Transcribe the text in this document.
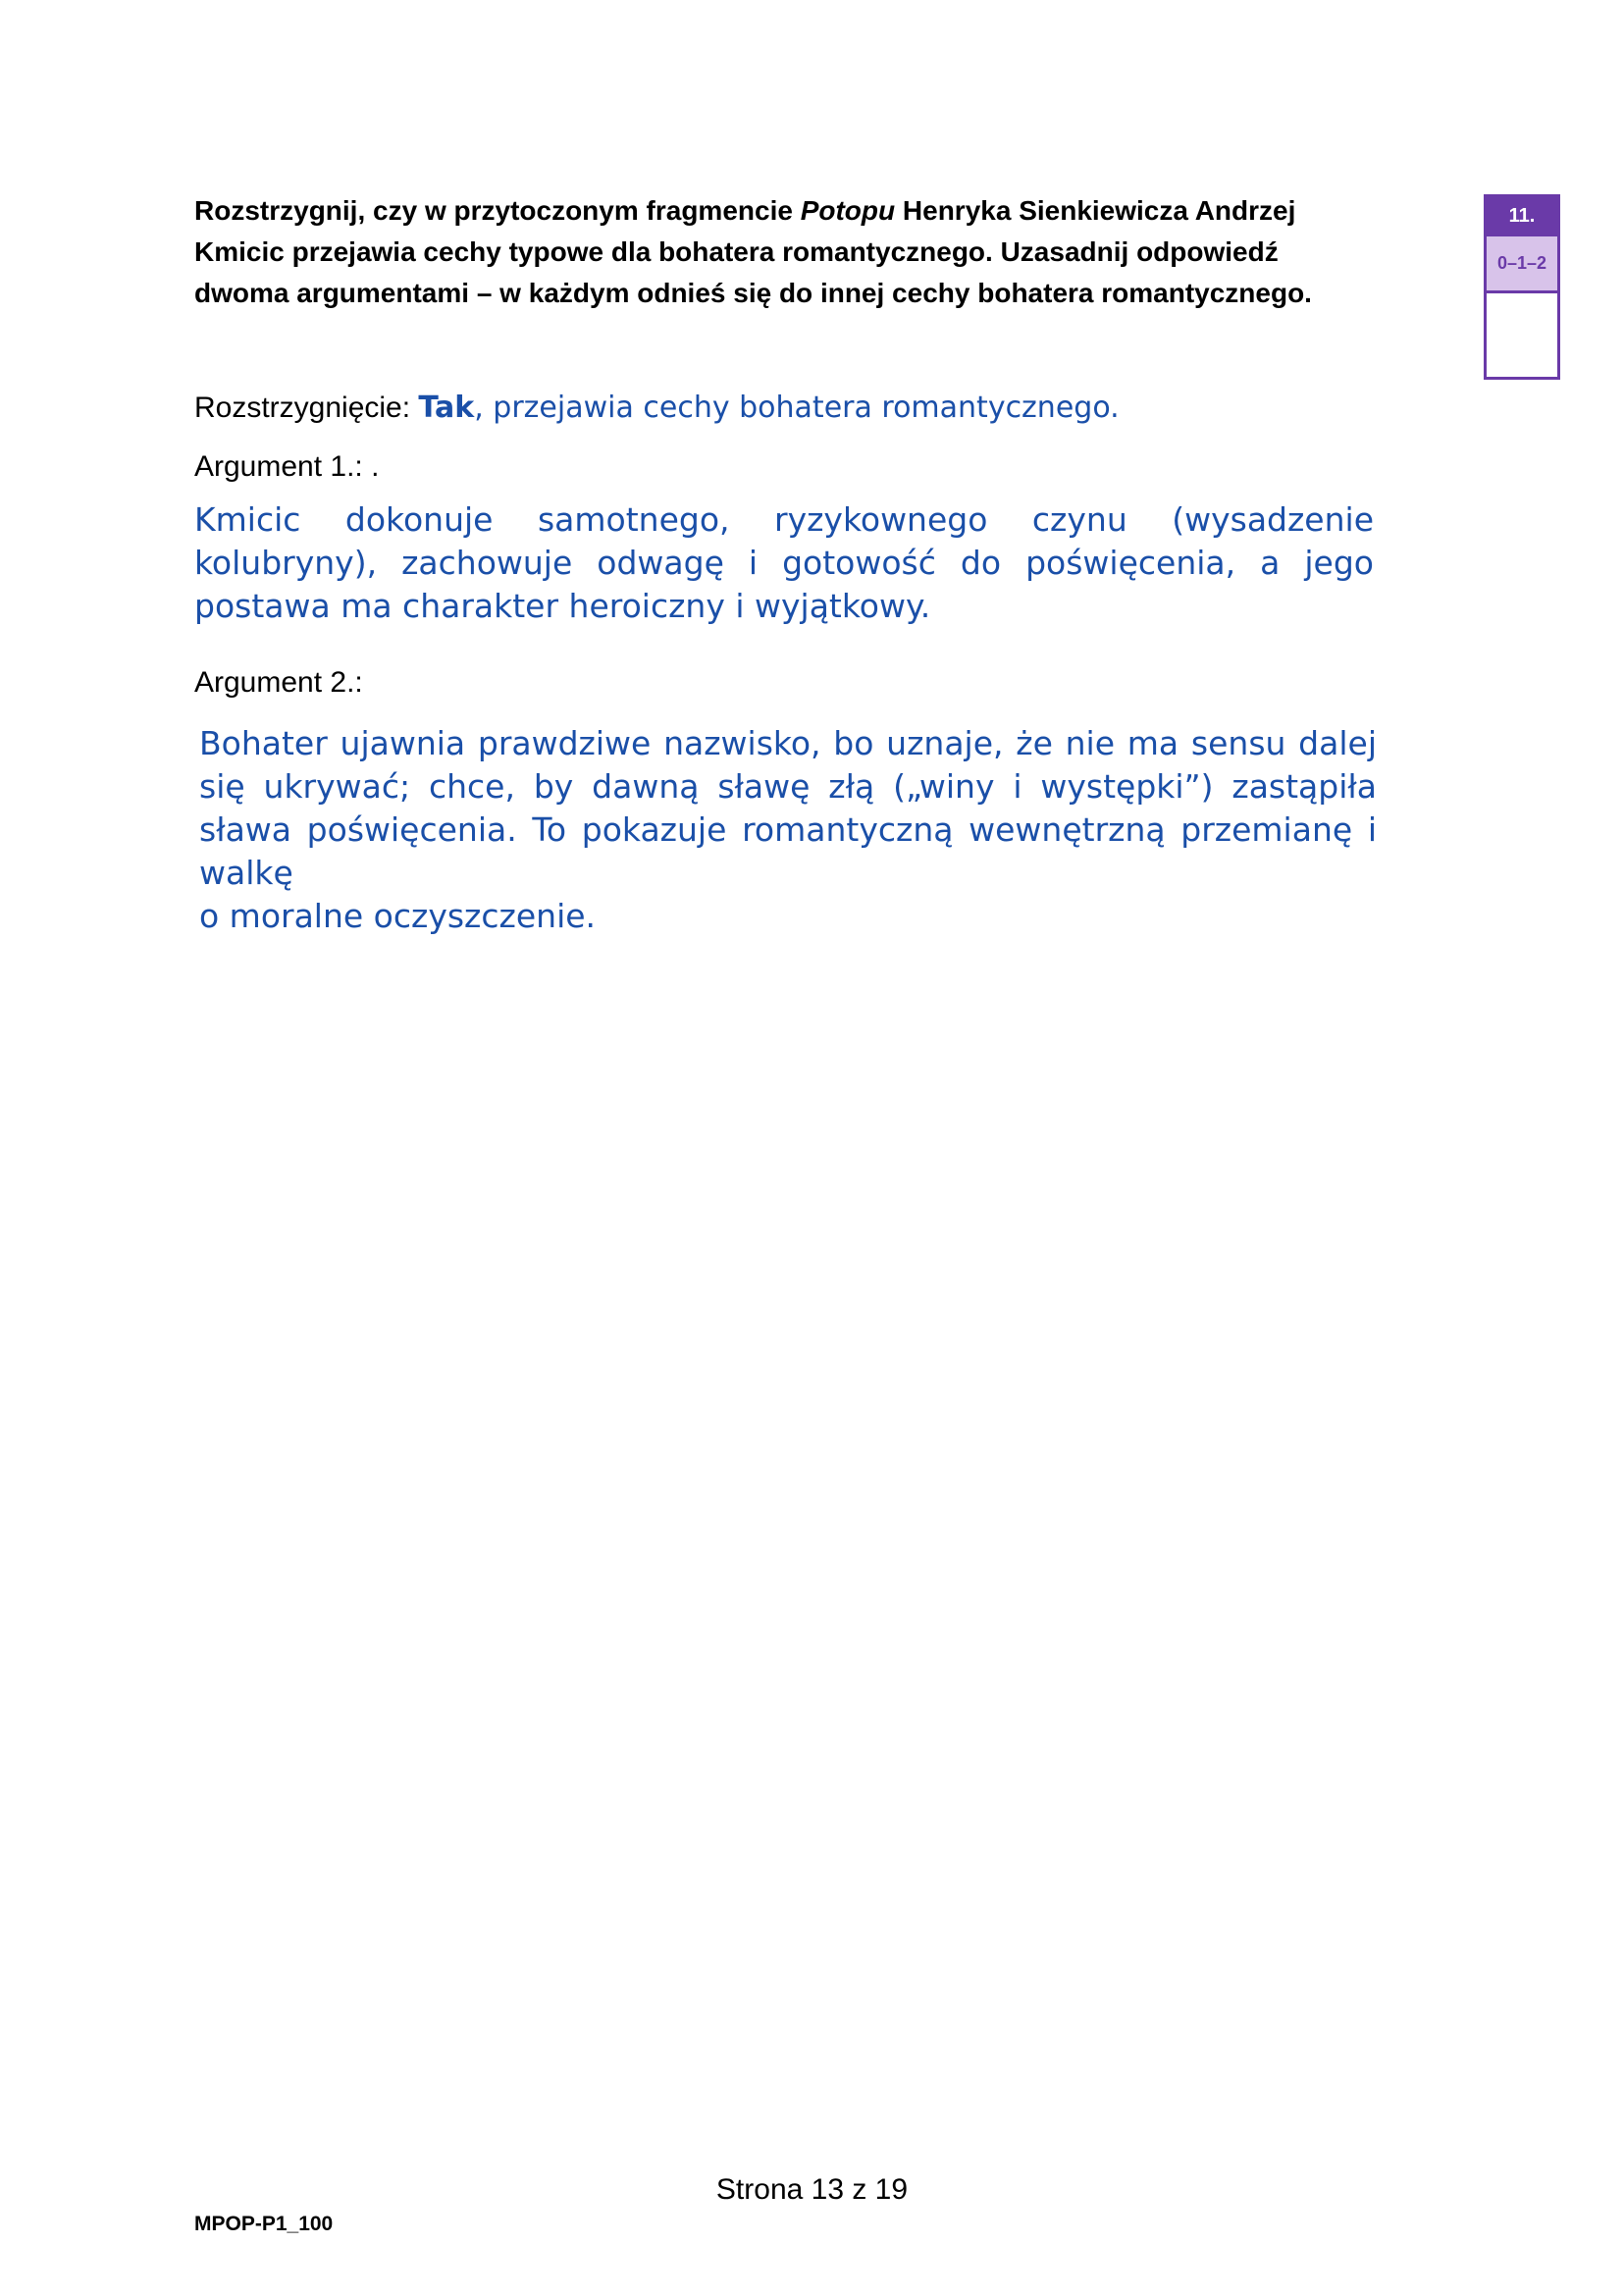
Rozstrzygnij, czy w przytoczonym fragmencie Potopu Henryka Sienkiewicza Andrzej Kmicic przejawia cechy typowe dla bohatera romantycznego. Uzasadnij odpowiedź dwoma argumentami – w każdym odnieś się do innej cechy bohatera romantycznego.

11.
0–1–2
Rozstrzygnięcie: Tak, przejawia cechy bohatera romantycznego.
Argument 1.: .

Kmicic dokonuje samotnego, ryzykownego czynu (wysadzenie kolubryny), zachowuje odwagę i gotowość do poświęcenia, a jego postawa ma charakter heroiczny i wyjątkowy.

Argument 2.:

Bohater ujawnia prawdziwe nazwisko, bo uznaje, że nie ma sensu dalej się ukrywać; chce, by dawną sławę złą („winy i występki”) zastąpiła sława poświęcenia. To pokazuje romantyczną wewnętrzną przemianę i walkę
o moralne oczyszczenie.

Strona 13 z 19
MPOP-P1_100
